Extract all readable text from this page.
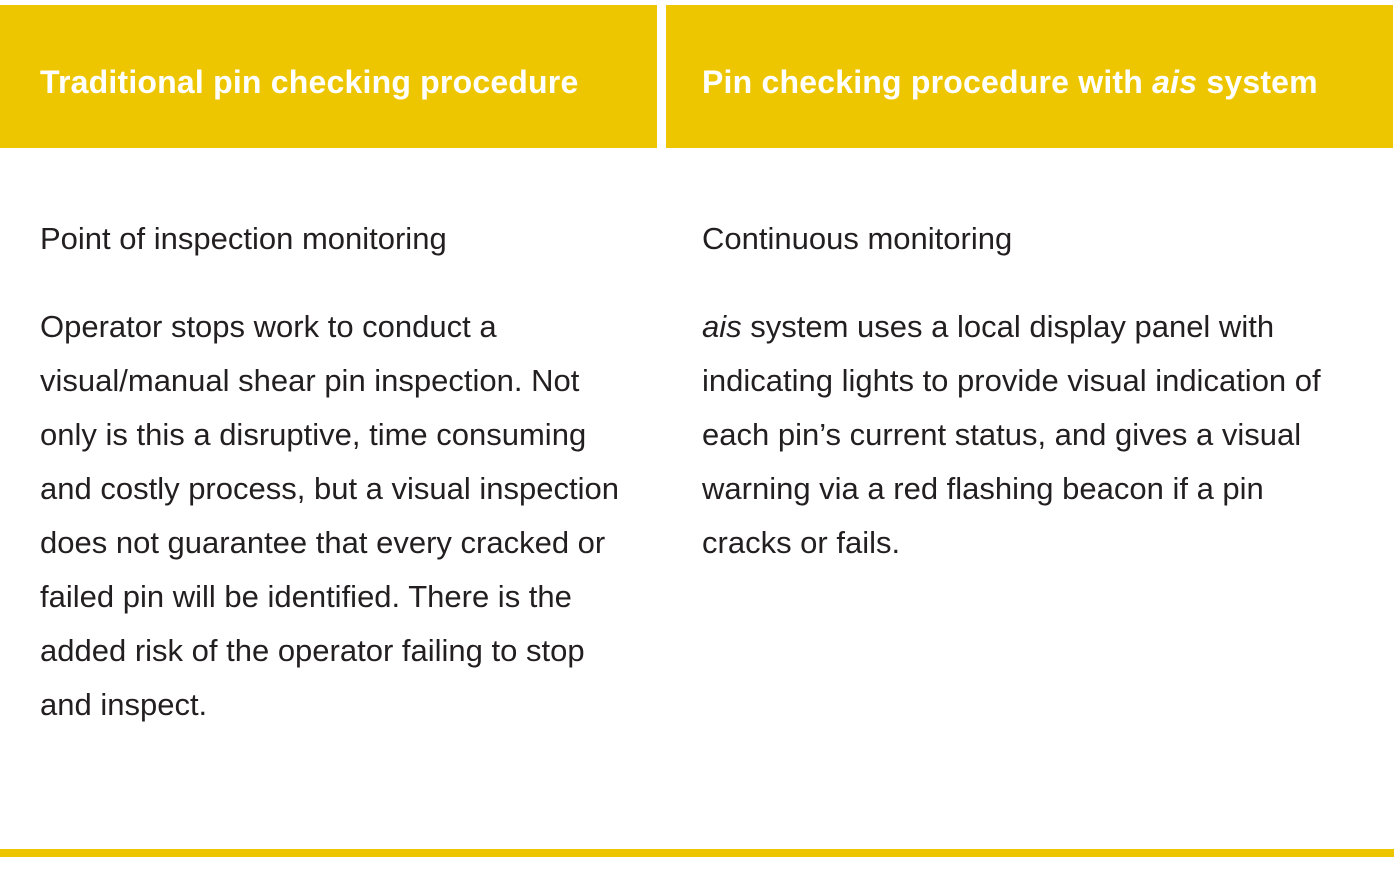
Traditional pin checking procedure	Pin checking procedure with ais system

Point of inspection monitoring

Operator stops work to conduct a visual/manual shear pin inspection. Not only is this a disruptive, time consuming and costly process, but a visual inspection does not guarantee that every cracked or failed pin will be identified. There is the added risk of the operator failing to stop and inspect.

Continuous monitoring

ais system uses a local display panel with indicating lights to provide visual indication of each pin’s current status, and gives a visual warning via a red flashing beacon if a pin cracks or fails.
